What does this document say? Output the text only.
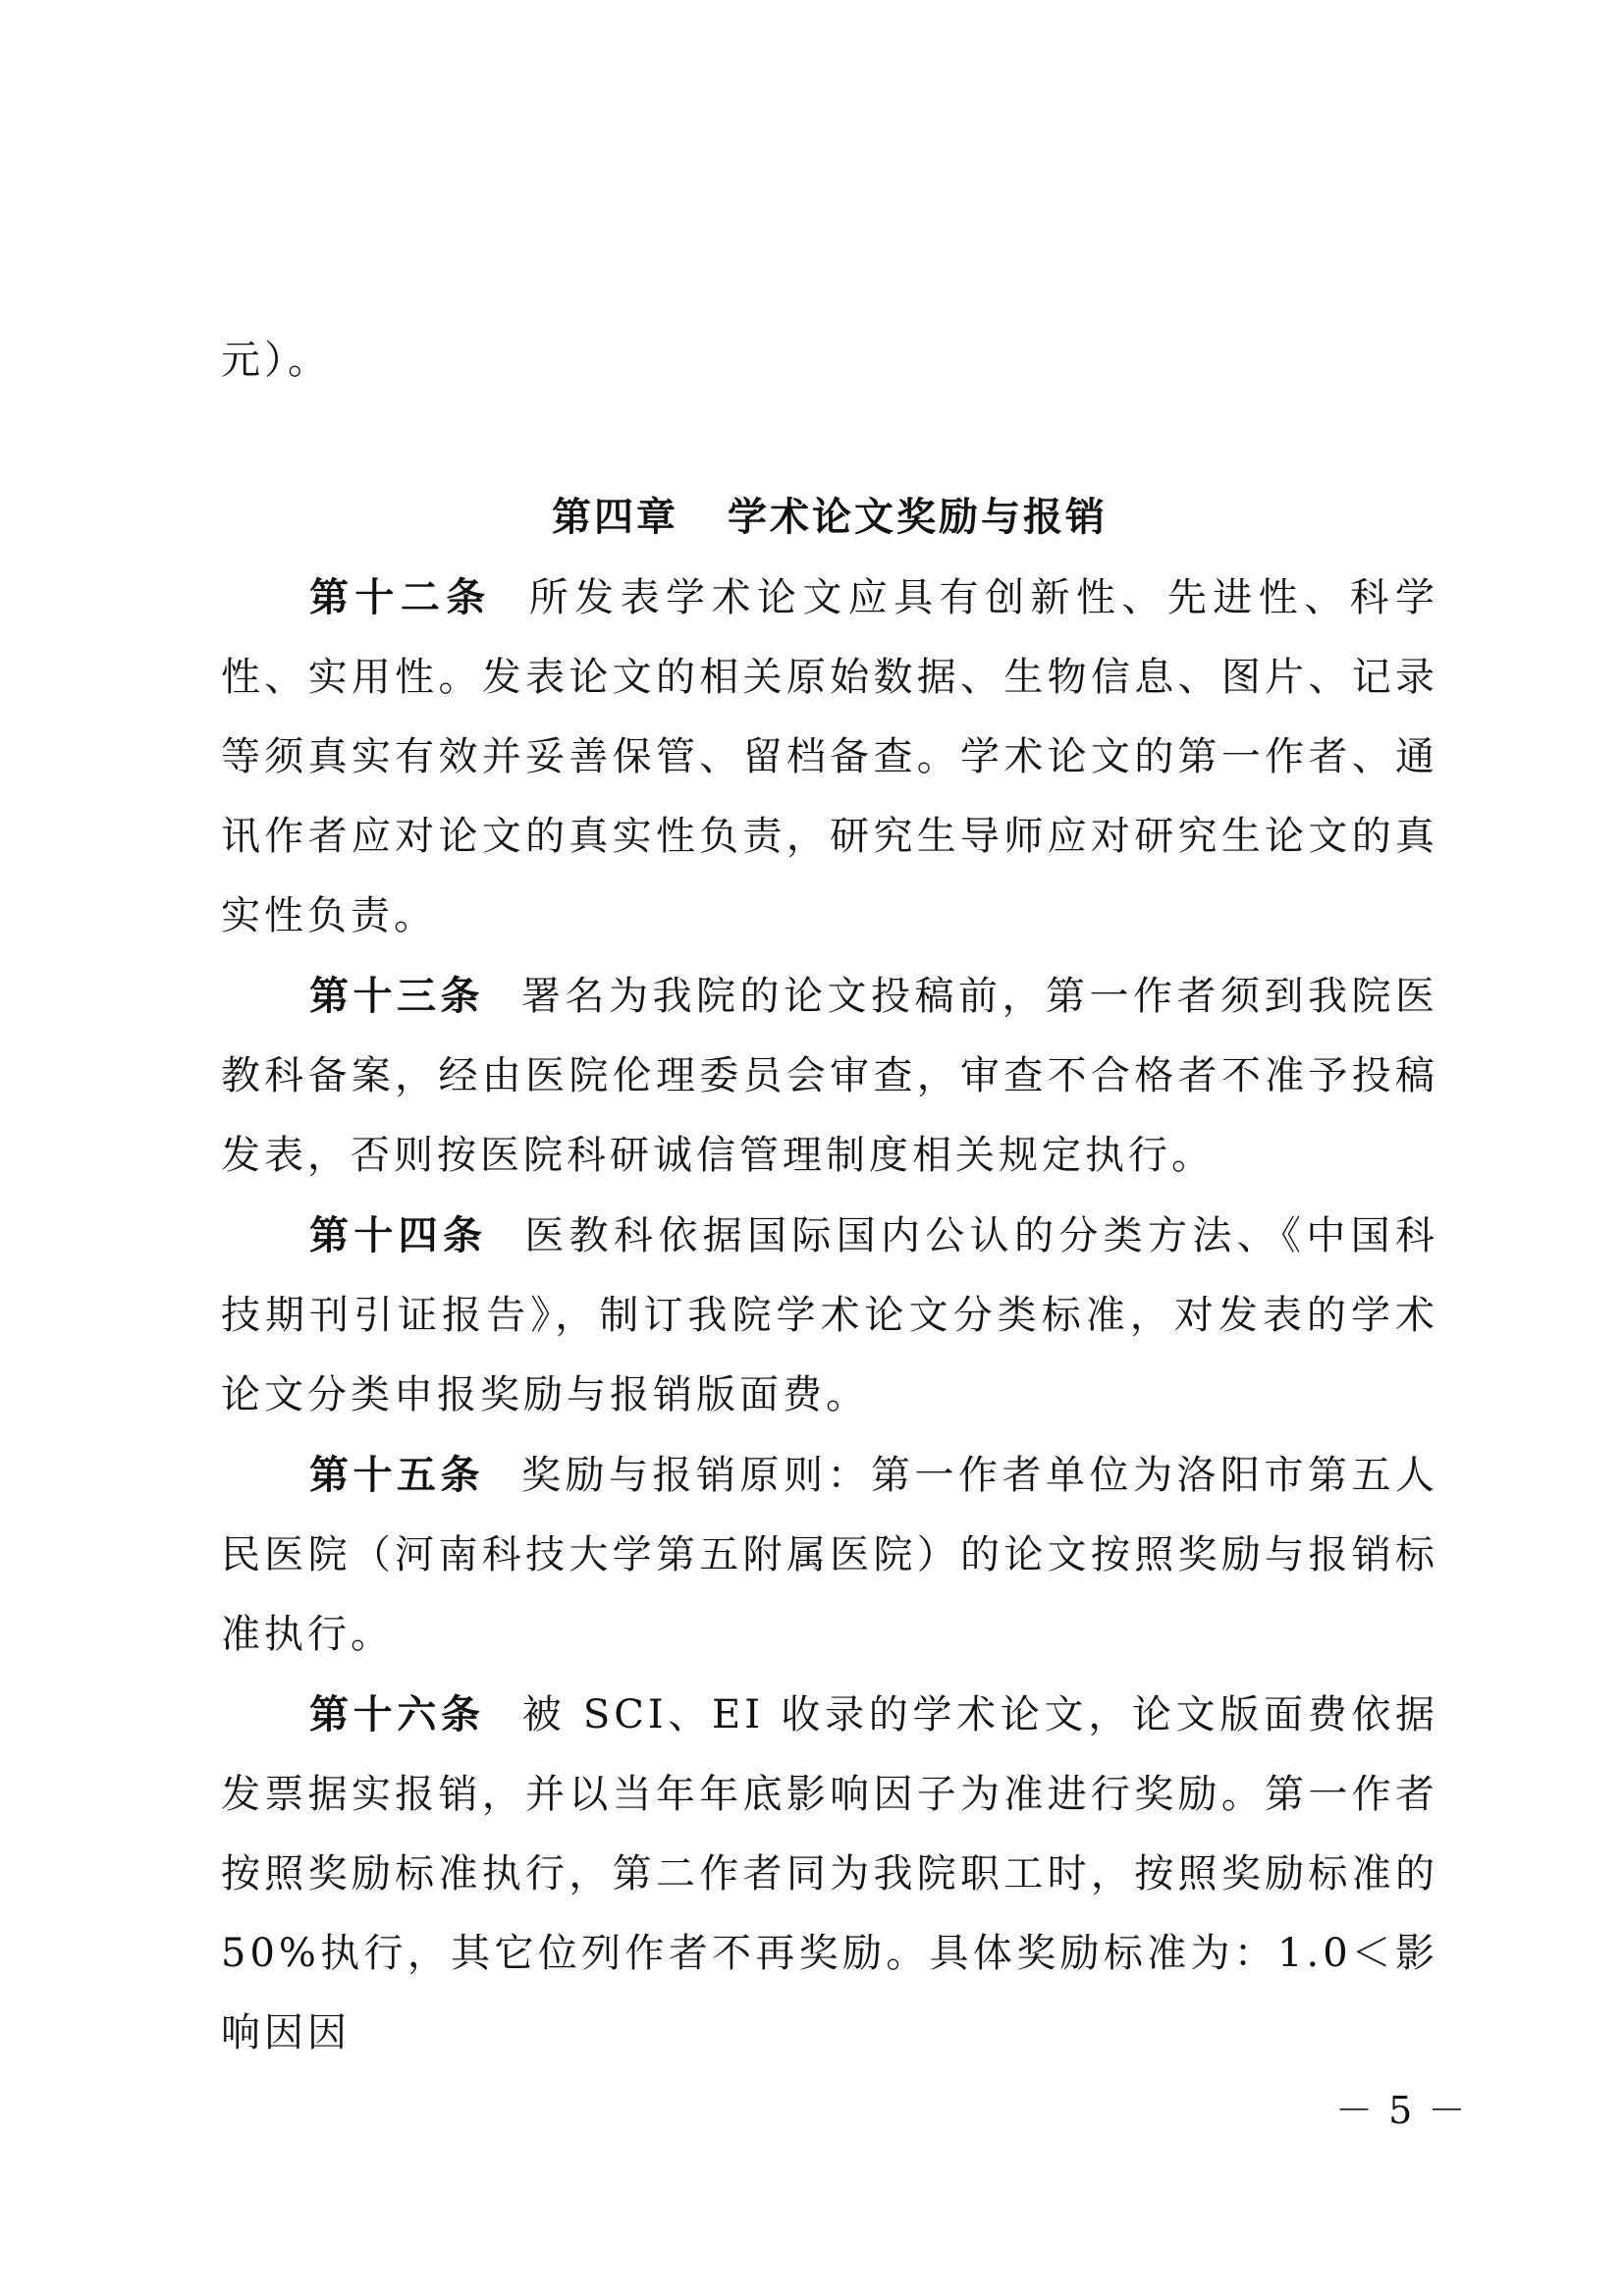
元）。
第四章 学术论文奖励与报销

第十二条 所发表学术论文应具有创新性、先进性、科学性、实用性。发表论文的相关原始数据、生物信息、图片、记录等须真实有效并妥善保管、留档备查。学术论文的第一作者、通讯作者应对论文的真实性负责，研究生导师应对研究生论文的真实性负责。

第十三条 署名为我院的论文投稿前，第一作者须到我院医教科备案，经由医院伦理委员会审查，审查不合格者不准予投稿发表，否则按医院科研诚信管理制度相关规定执行。

第十四条 医教科依据国际国内公认的分类方法、《中国科技期刊引证报告》，制订我院学术论文分类标准，对发表的学术论文分类申报奖励与报销版面费。

第十五条 奖励与报销原则：第一作者单位为洛阳市第五人民医院（河南科技大学第五附属医院）的论文按照奖励与报销标准执行。

第十六条 被 SCI、EI 收录的学术论文，论文版面费依据发票据实报销，并以当年年底影响因子为准进行奖励。第一作者按照奖励标准执行，第二作者同为我院职工时，按照奖励标准的 50%执行，其它位列作者不再奖励。具体奖励标准为：1.0＜影响因因

－ 5 －
